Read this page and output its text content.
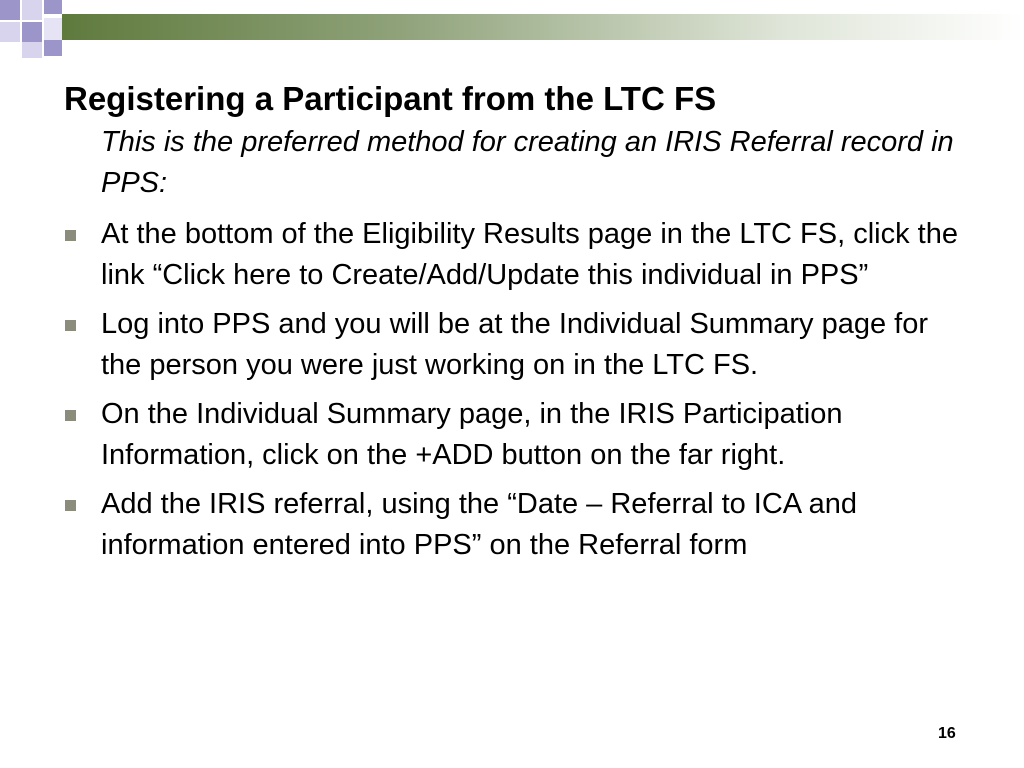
Registering a Participant from the LTC FS
This is the preferred method for creating an IRIS Referral record in PPS:
At the bottom of the Eligibility Results page in the LTC FS, click the link “Click here to Create/Add/Update this individual in PPS”
Log into PPS and you will be at the Individual Summary page for the person you were just working on in the LTC FS.
On the Individual Summary page, in the IRIS Participation Information, click on the +ADD button on the far right.
Add the IRIS referral, using the “Date – Referral to ICA and information entered into PPS” on the Referral form
16
